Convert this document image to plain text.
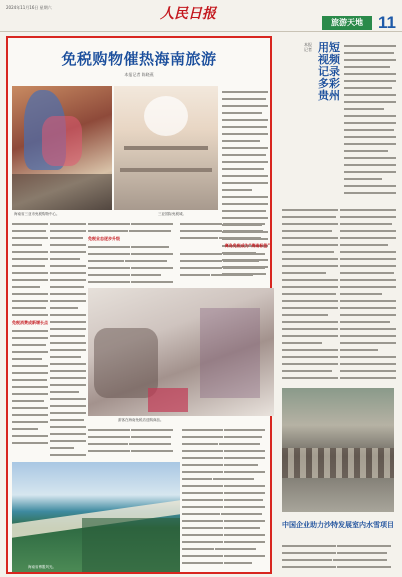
2024年11月16日 星期六	人民日报
旅游天地 11
免税购物催热海南旅游
本报记者 陈晓燕
海南省三亚市免税购物中心。	三亚国际免税城。
免税消费成新增长点

免税业态逐步升级

离岛免税成为“海南标签”

游客在海南免税店选购商品。

海南省博鳌风光。
本报记者 用短视频记录多彩贵州
中国企业助力沙特发展室内水雪项目
